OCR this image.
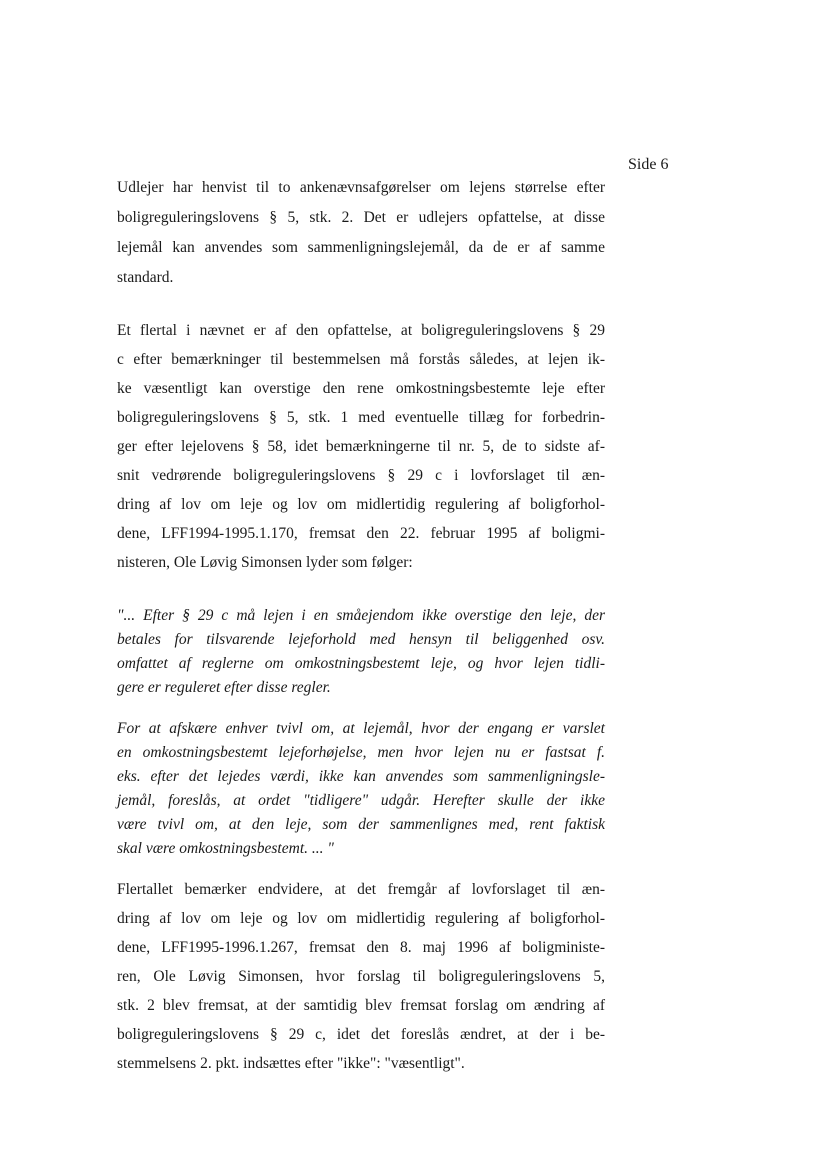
Side 6

Udlejer har henvist til to ankenævnsafgørelser om lejens størrelse efter

boligreguleringslovens § 5, stk. 2. Det er udlejers opfattelse, at disse

lejemål kan anvendes som sammenligningslejemål, da de er af samme

standard.

Et flertal i nævnet er af den opfattelse, at boligreguleringslovens § 29

c efter bemærkninger til bestemmelsen må forstås således, at lejen ik-

ke væsentligt kan overstige den rene omkostningsbestemte leje efter

boligreguleringslovens § 5, stk. 1 med eventuelle tillæg for forbedrin-

ger efter lejelovens § 58, idet bemærkningerne til nr. 5, de to sidste af-

snit vedrørende boligreguleringslovens § 29 c i lovforslaget til æn-

dring af lov om leje og lov om midlertidig regulering af boligforhol-

dene, LFF1994-1995.1.170, fremsat den 22. februar 1995 af boligmi-

nisteren, Ole Løvig Simonsen lyder som følger:

"... Efter § 29 c må lejen i en småejendom ikke overstige den leje, der

betales for tilsvarende lejeforhold med hensyn til beliggenhed osv.

omfattet af reglerne om omkostningsbestemt leje, og hvor lejen tidli-

gere er reguleret efter disse regler.

For at afskære enhver tvivl om, at lejemål, hvor der engang er varslet

en omkostningsbestemt lejeforhøjelse, men hvor lejen nu er fastsat f.

eks. efter det lejedes værdi, ikke kan anvendes som sammenligningsle-

jemål, foreslås, at ordet "tidligere" udgår. Herefter skulle der ikke

være tvivl om, at den leje, som der sammenlignes med, rent faktisk

skal være omkostningsbestemt. ... "

Flertallet bemærker endvidere, at det fremgår af lovforslaget til æn-

dring af lov om leje og lov om midlertidig regulering af boligforhol-

dene, LFF1995-1996.1.267, fremsat den 8. maj 1996 af boligministe-

ren, Ole Løvig Simonsen, hvor forslag til boligreguleringslovens 5,

stk. 2 blev fremsat, at der samtidig blev fremsat forslag om ændring af

boligreguleringslovens § 29 c, idet det foreslås ændret, at der i be-

stemmelsens 2. pkt. indsættes efter "ikke": "væsentligt".
